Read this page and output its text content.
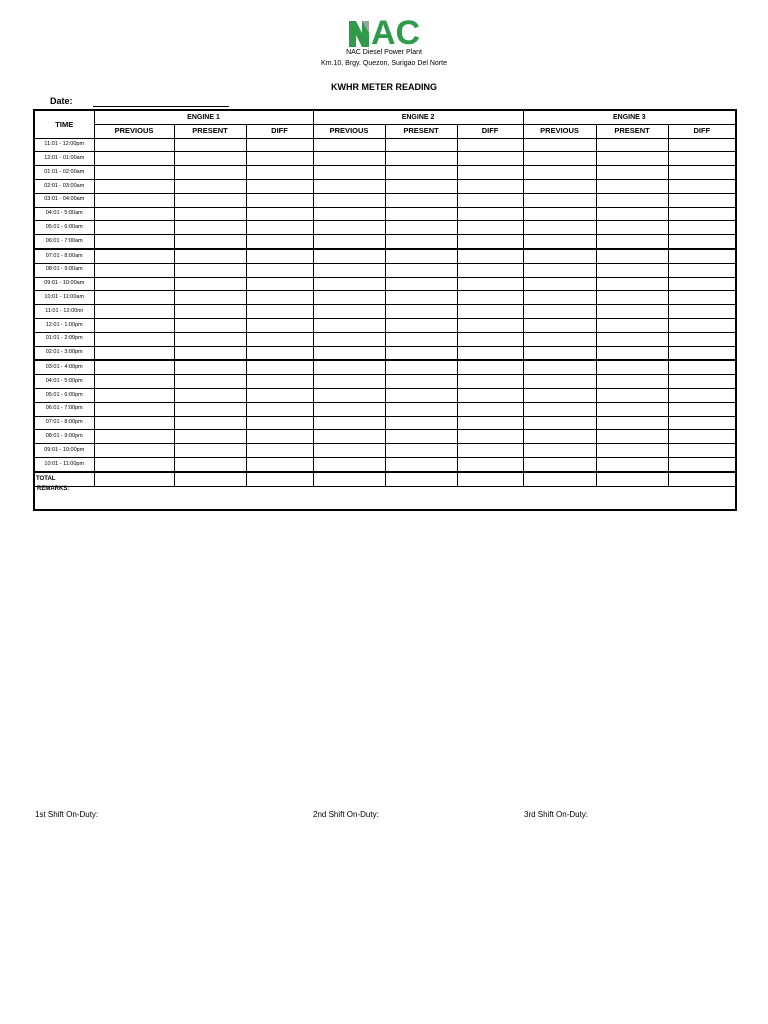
AC
NAC Diesel Power Plant
Km.10, Brgy. Quezon, Surigao Del Norte
KWHR METER READING
Date:
TIME	ENGINE 1			ENGINE 2			ENGINE 3		
	PREVIOUS	PRESENT	DIFF	PREVIOUS	PRESENT	DIFF	PREVIOUS	PRESENT	DIFF
11:01 - 12:00pm									
12:01 - 01:00am									
01:01 - 02:00am									
02:01 - 03:00am									
03:01 - 04:00am									
04:01 - 5:00am									
05:01 - 6:00am									
06:01 - 7:00am									
07:01 - 8:00am									
08:01 - 9:00am									
09:01 - 10:00am									
10:01 - 11:00am									
11:01 - 12:00nn									
12:01 - 1:00pm									
01:01 - 2:00pm									
02:01 - 3:00pm									
03:01 - 4:00pm									
04:01 - 5:00pm									
05:01 - 6:00pm									
06:01 - 7:00pm									
07:01 - 8:00pm									
08:01 - 9:00pm									
09:01 - 10:00pm									
10:01 - 11:00pm									
TOTAL									
REMARKS:
1st Shift On-Duty:	2nd Shift On-Duty:	3rd Shift On-Duty:
